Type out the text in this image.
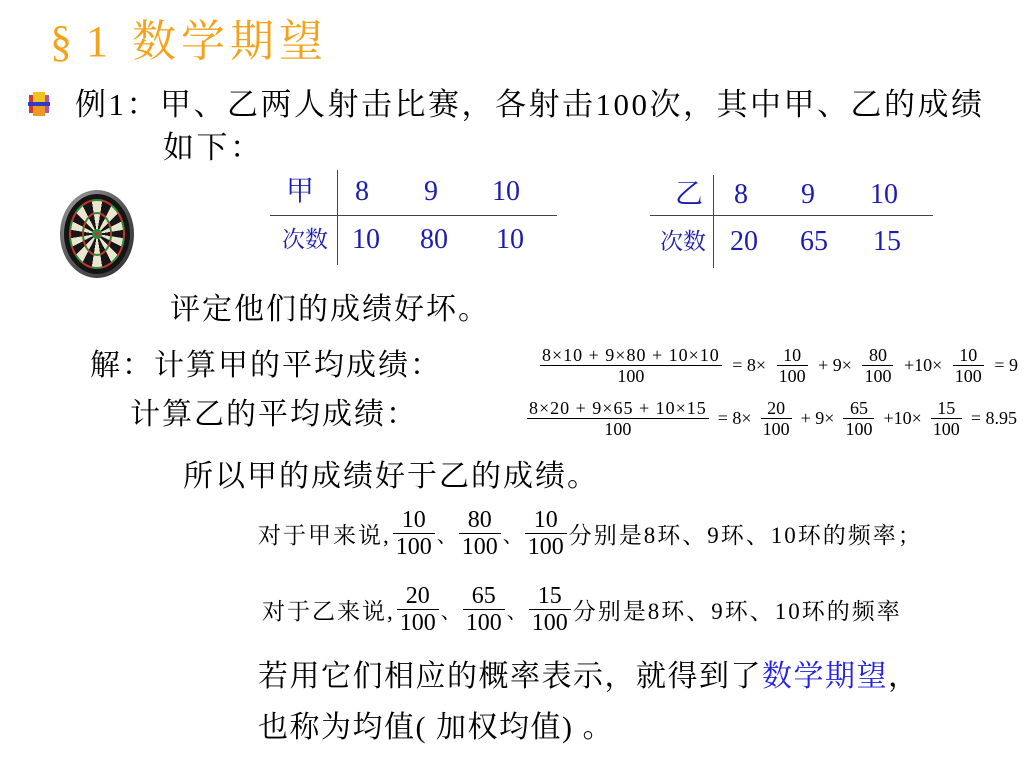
§1 数学期望
例1：甲、乙两人射击比赛，各射击100次，其中甲、乙的成绩
如下：
甲 8 9 10
次数 10 80 10
乙 8 9 10
次数 20 65 15
评定他们的成绩好坏。
解：计算甲的平均成绩：
计算乙的平均成绩：
$\frac{8\times 10 + 9\times 80 + 10\times 10}{100} = 8\times \frac{10}{100} + 9\times \frac{80}{100} +10\times \frac{10}{100} = 9$
$\frac{8\times 20 + 9\times 65 + 10\times 15}{100} = 8\times \frac{20}{100} + 9\times \frac{65}{100} +10\times \frac{15}{100} = 8.95$
所以甲的成绩好于乙的成绩。
对于甲来说, $\frac{10}{100}$ 、 $\frac{80}{100}$ 、 $\frac{10}{100}$ 分别是8环、9环、10环的频率；
对于乙来说, $\frac{20}{100}$ 、 $\frac{65}{100}$ 、 $\frac{15}{100}$ 分别是8环、9环、10环的频率
若用它们相应的概率表示，就得到了数学期望，
也称为均值( 加权均值) 。
